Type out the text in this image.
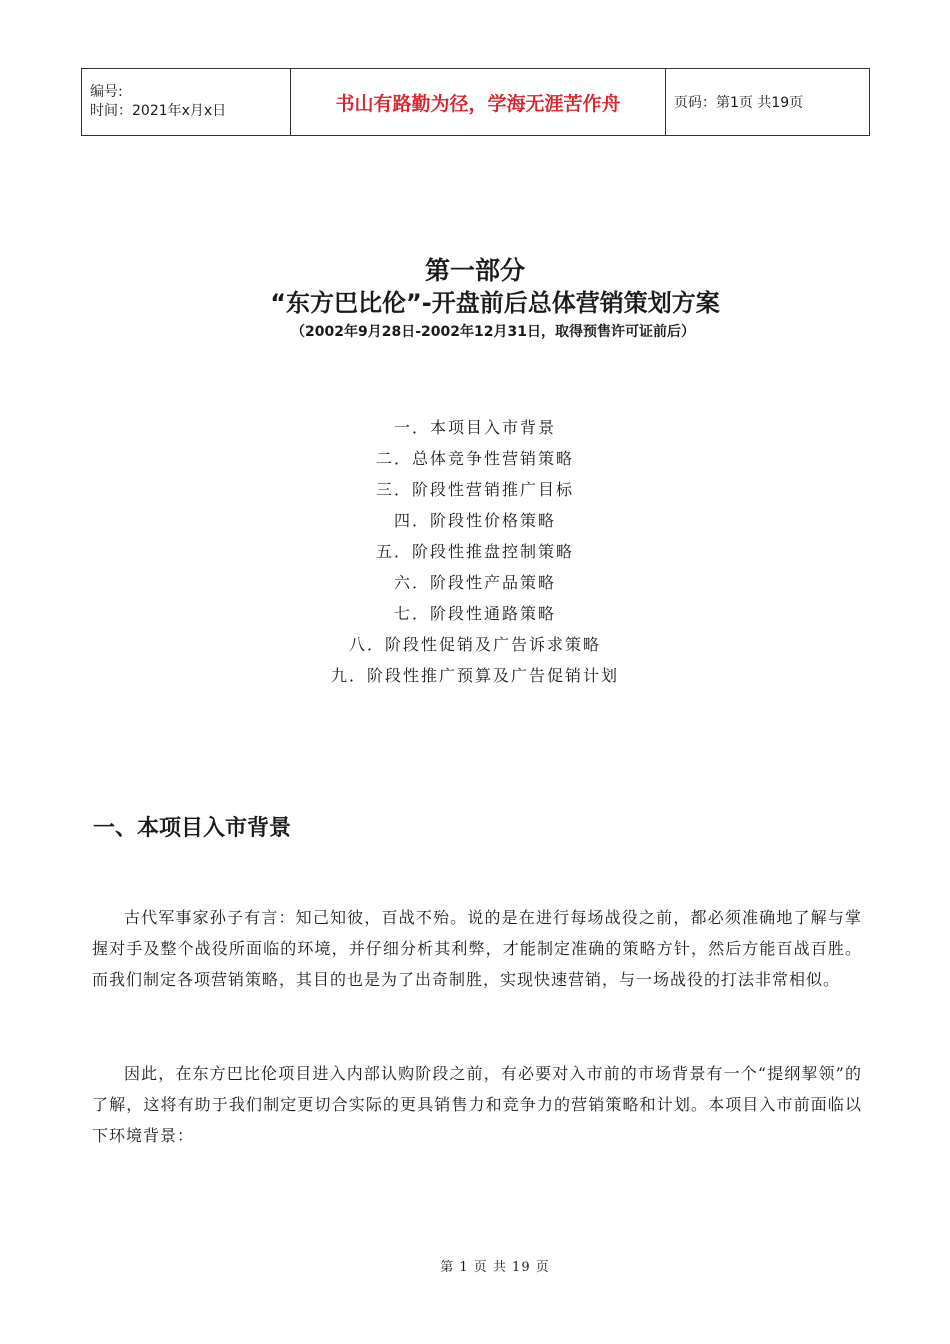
编号:
时间：2021年x月x日	书山有路勤为径，学海无涯苦作舟	页码：第1页 共19页
第一部分
“东方巴比伦”-开盘前后总体营销策划方案
（2002年9月28日-2002年12月31日，取得预售许可证前后）
一．本项目入市背景
二．总体竞争性营销策略
三．阶段性营销推广目标
四．阶段性价格策略
五．阶段性推盘控制策略
六．阶段性产品策略
七．阶段性通路策略
八．阶段性促销及广告诉求策略
九．阶段性推广预算及广告促销计划
一、本项目入市背景

古代军事家孙子有言：知己知彼，百战不殆。说的是在进行每场战役之前，都必须准确地了解与掌握对手及整个战役所面临的环境，并仔细分析其利弊，才能制定准确的策略方针，然后方能百战百胜。而我们制定各项营销策略，其目的也是为了出奇制胜，实现快速营销，与一场战役的打法非常相似。

因此，在东方巴比伦项目进入内部认购阶段之前，有必要对入市前的市场背景有一个“提纲挈领”的了解，这将有助于我们制定更切合实际的更具销售力和竞争力的营销策略和计划。本项目入市前面临以下环境背景：

第 1 页 共 19 页
